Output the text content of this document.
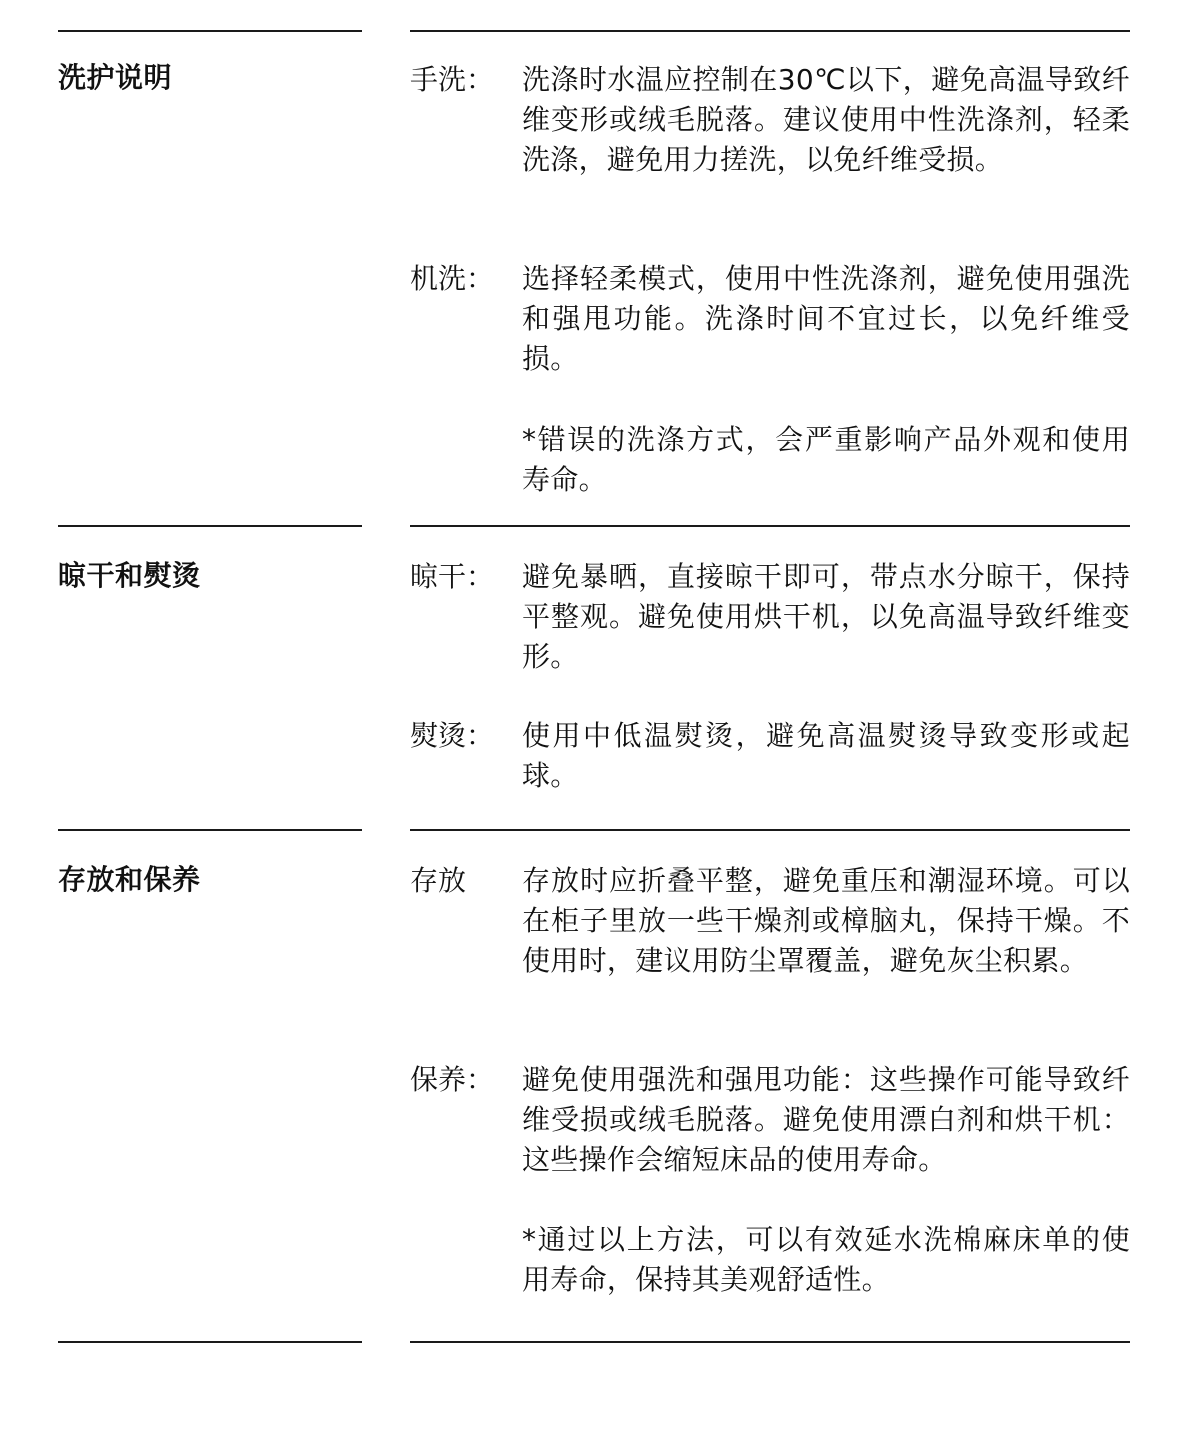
洗护说明	手洗： 洗涤时水温应控制在30℃以下，避免高温导致纤维变形或绒毛脱落。建议使用中性洗涤剂，轻柔洗涤，避免用力搓洗，以免纤维受损。
机洗： 选择轻柔模式，使用中性洗涤剂，避免使用强洗和强甩功能。洗涤时间不宜过长，以免纤维受损。
*错误的洗涤方式，会严重影响产品外观和使用寿命。
晾干和熨烫	晾干： 避免暴晒，直接晾干即可，带点水分晾干，保持平整观。避免使用烘干机，以免高温导致纤维变形。
熨烫： 使用中低温熨烫，避免高温熨烫导致变形或起球。
存放和保养	存放 存放时应折叠平整，避免重压和潮湿环境。可以在柜子里放一些干燥剂或樟脑丸，保持干燥。不使用时，建议用防尘罩覆盖，避免灰尘积累。
保养： 避免使用强洗和强甩功能：这些操作可能导致纤维受损或绒毛脱落。避免使用漂白剂和烘干机：这些操作会缩短床品的使用寿命。
*通过以上方法，可以有效延水洗棉麻床单的使用寿命，保持其美观舒适性。
